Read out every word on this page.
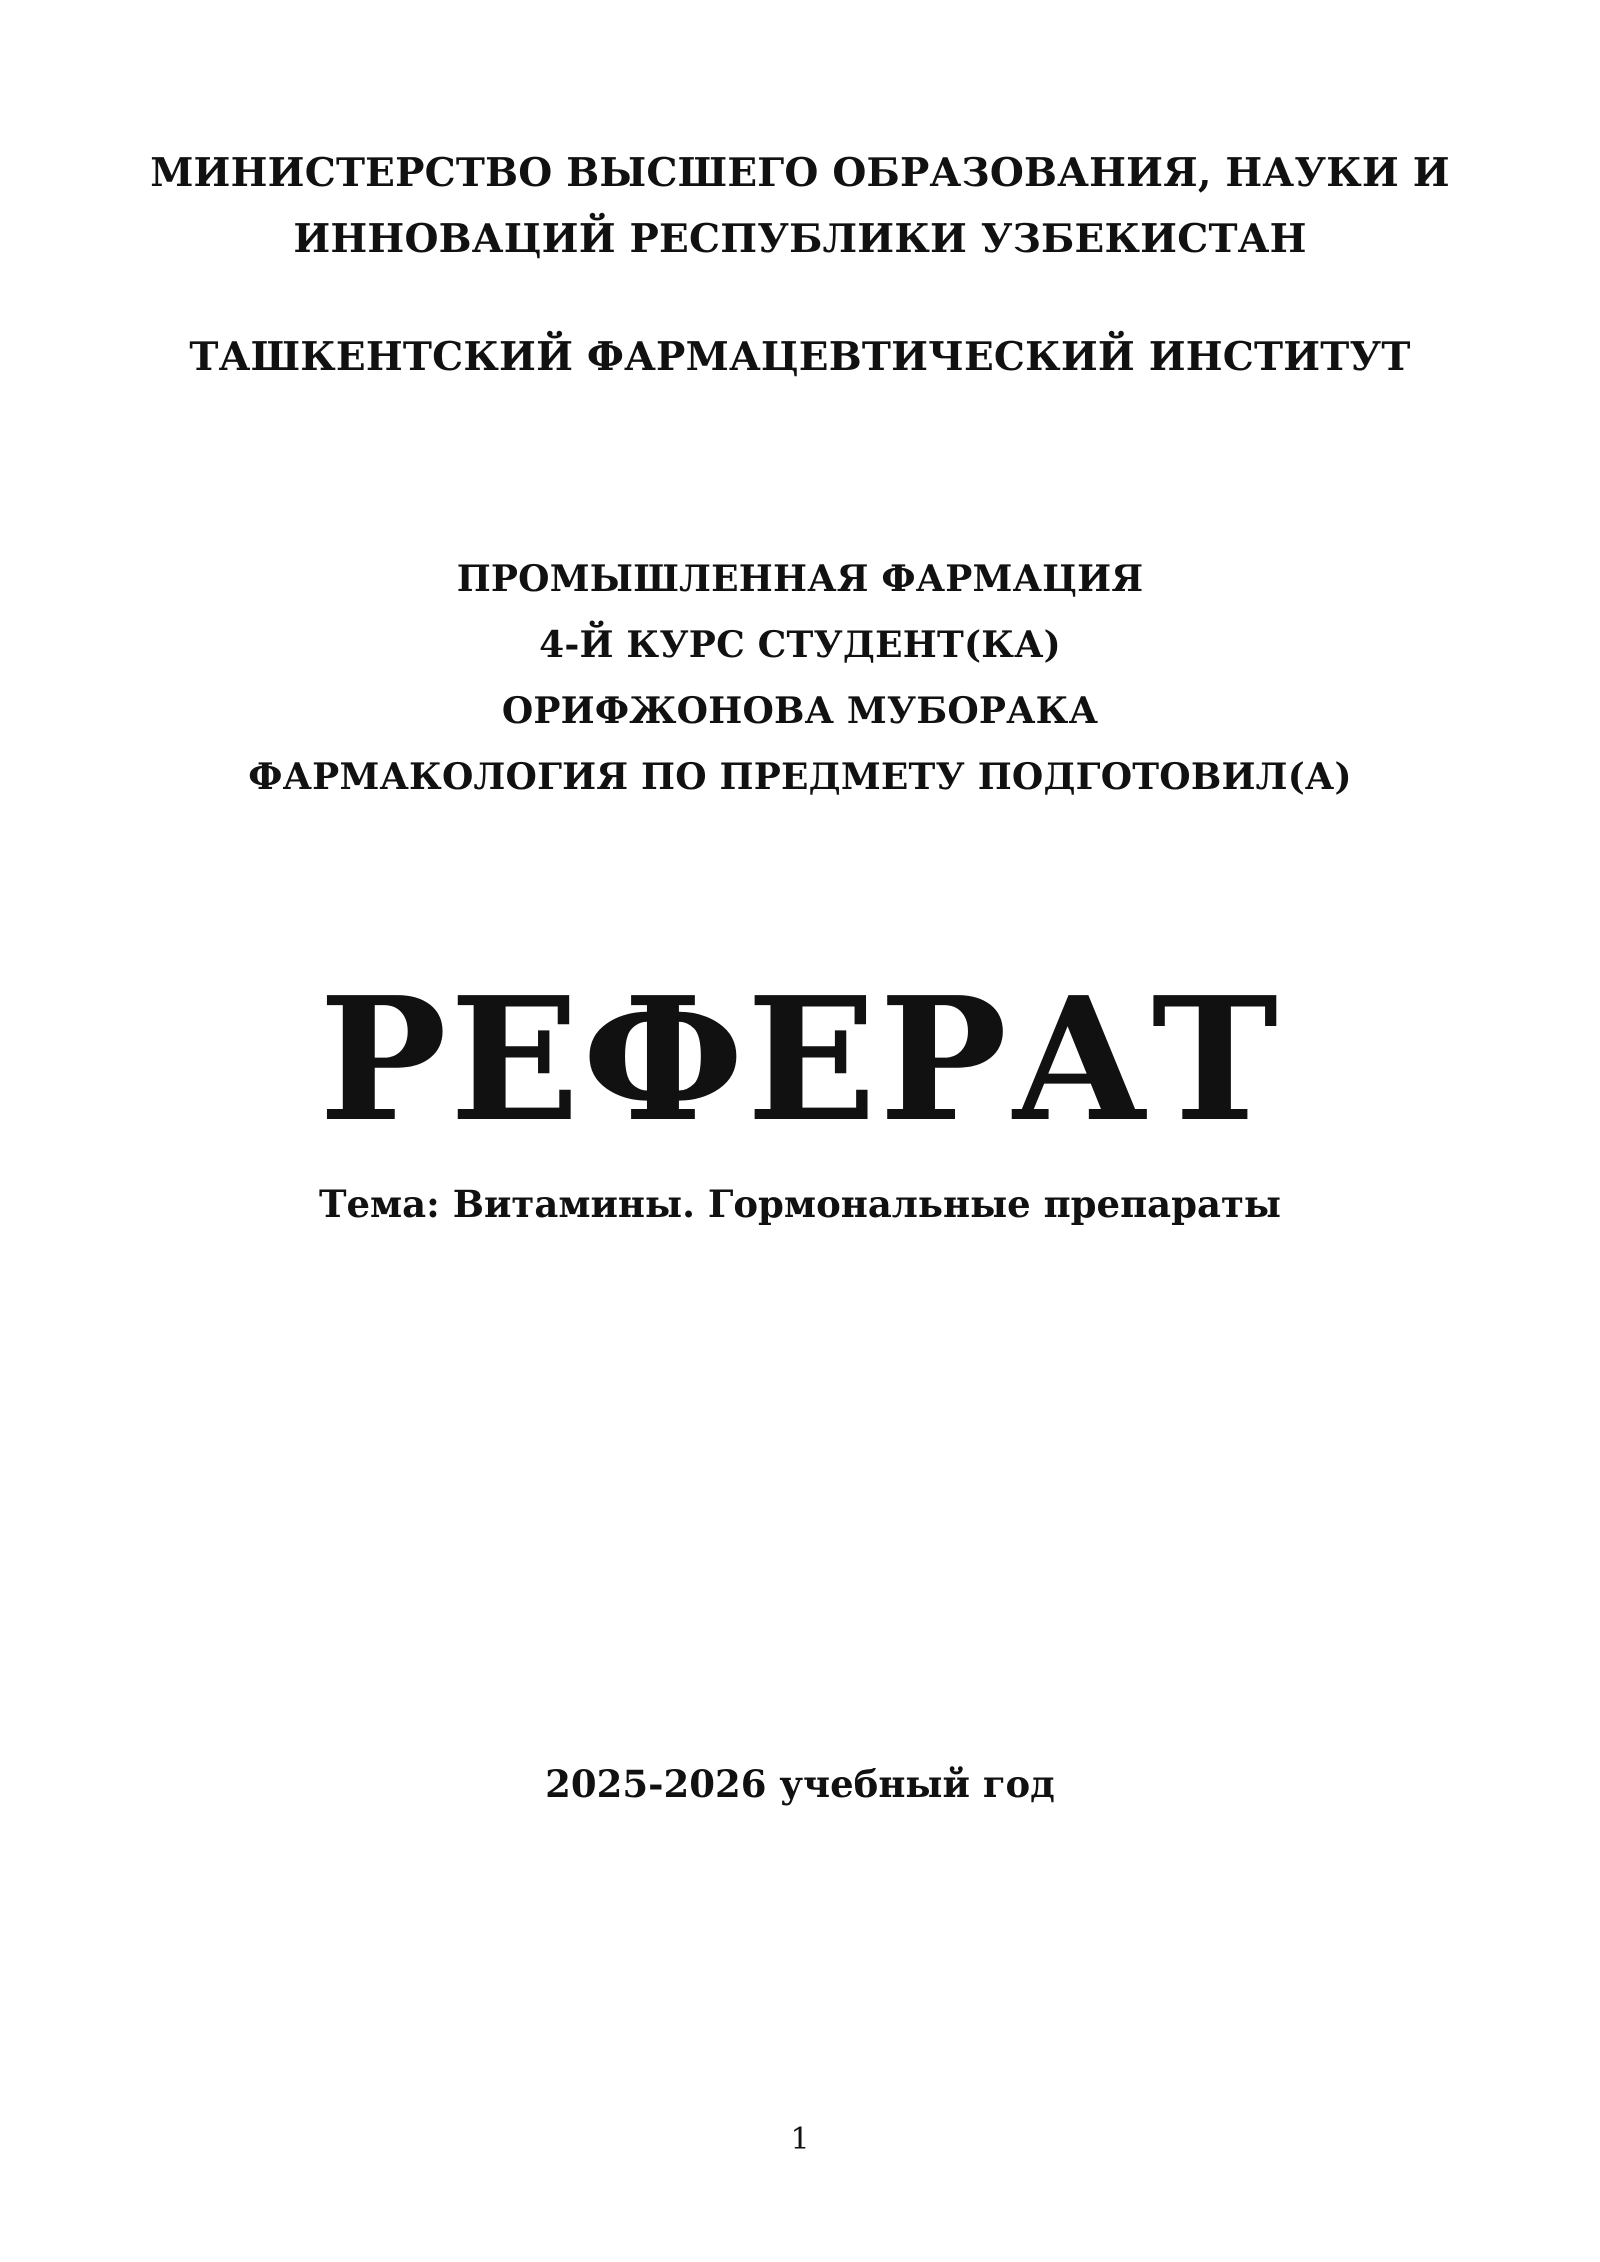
МИНИСТЕРСТВО ВЫСШЕГО ОБРАЗОВАНИЯ, НАУКИ И
ИННОВАЦИЙ РЕСПУБЛИКИ УЗБЕКИСТАН
ТАШКЕНТСКИЙ ФАРМАЦЕВТИЧЕСКИЙ ИНСТИТУТ
ПРОМЫШЛЕННАЯ ФАРМАЦИЯ
4-Й КУРС СТУДЕНТ(КА)
ОРИФЖОНОВА МУБОРАКА
ФАРМАКОЛОГИЯ ПО ПРЕДМЕТУ ПОДГОТОВИЛ(А)
РЕФЕРАТ
Тема: Витамины. Гормональные препараты
2025-2026 учебный год
1
